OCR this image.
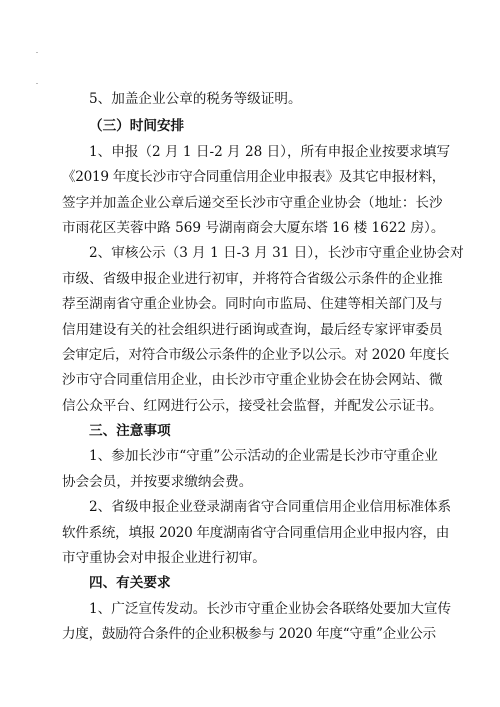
5、加盖企业公章的税务等级证明。
（三）时间安排
1、申报（2 月 1 日-2 月 28 日），所有申报企业按要求填写
《2019 年度长沙市守合同重信用企业申报表》及其它申报材料，
签字并加盖企业公章后递交至长沙市守重企业协会（地址：长沙
市雨花区芙蓉中路 569 号湖南商会大厦东塔 16 楼 1622 房）。
2、审核公示（3 月 1 日-3 月 31 日），长沙市守重企业协会对
市级、省级申报企业进行初审，并将符合省级公示条件的企业推
荐至湖南省守重企业协会。同时向市监局、住建等相关部门及与
信用建设有关的社会组织进行函询或查询，最后经专家评审委员
会审定后，对符合市级公示条件的企业予以公示。对 2020 年度长
沙市守合同重信用企业，由长沙市守重企业协会在协会网站、微
信公众平台、红网进行公示，接受社会监督，并配发公示证书。
三、注意事项
1、参加长沙市“守重”公示活动的企业需是长沙市守重企业
协会会员，并按要求缴纳会费。
2、省级申报企业登录湖南省守合同重信用企业信用标准体系
软件系统，填报 2020 年度湖南省守合同重信用企业申报内容，由
市守重协会对申报企业进行初审。
四、有关要求
1、广泛宣传发动。长沙市守重企业协会各联络处要加大宣传
力度，鼓励符合条件的企业积极参与 2020 年度“守重”企业公示
